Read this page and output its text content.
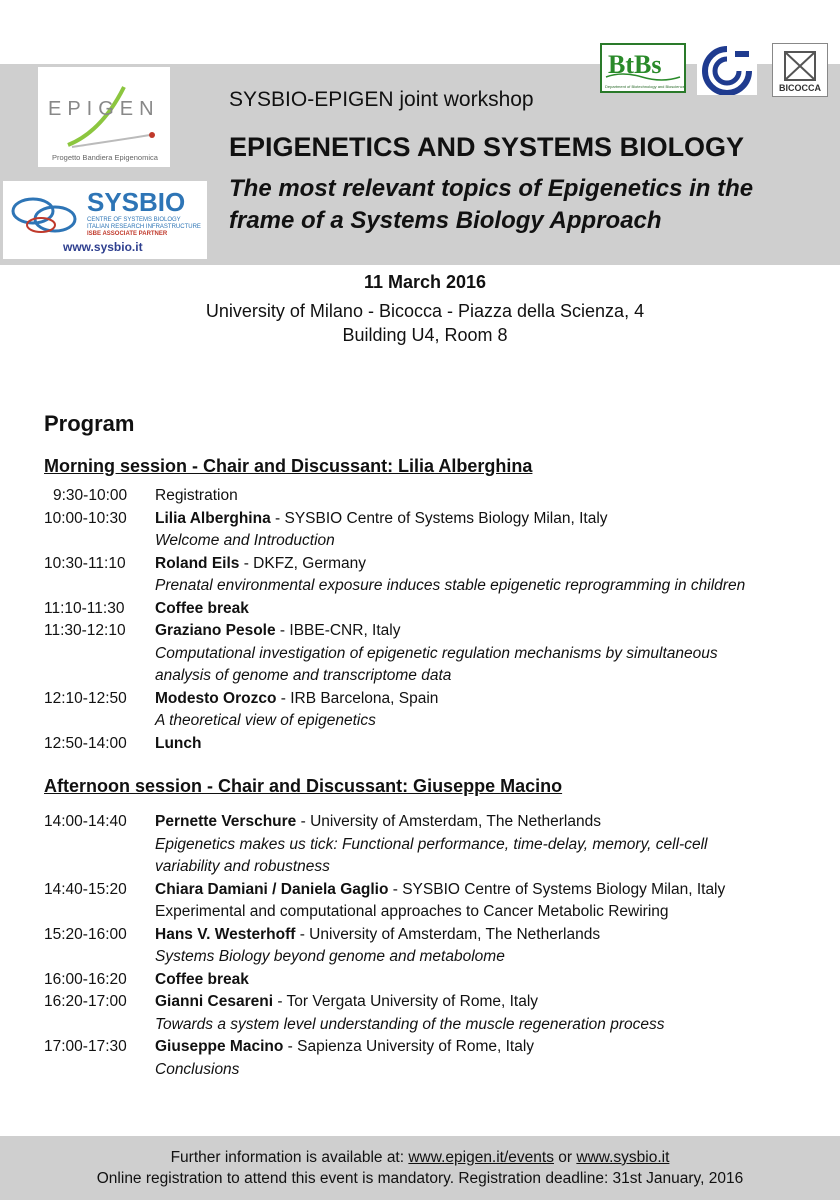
EPIGEN
Progetto Bandiera Epigenomica
SYSBIO
CENTRE OF SYSTEMS BIOLOGY
ITALIAN RESEARCH INFRASTRUCTURE
ISBE ASSOCIATE PARTNER
www.sysbio.it
BtBs
Department of Biotechnology and Biosciences	BICOCCA
SYSBIO-EPIGEN joint workshop
EPIGENETICS AND SYSTEMS BIOLOGY
The most relevant topics of Epigenetics in the
frame of a Systems Biology Approach
11 March 2016
University of Milano - Bicocca - Piazza della Scienza, 4
Building U4, Room 8
Program
Morning session - Chair and Discussant: Lilia Alberghina
9:30-10:00	Registration
10:00-10:30	Lilia Alberghina - SYSBIO Centre of Systems Biology Milan, Italy
Welcome and Introduction
10:30-11:10	Roland Eils - DKFZ, Germany
Prenatal environmental exposure induces stable epigenetic reprogramming in children
11:10-11:30	Coffee break
11:30-12:10	Graziano Pesole - IBBE-CNR, Italy
Computational investigation of epigenetic regulation mechanisms by simultaneous
analysis of genome and transcriptome data
12:10-12:50	Modesto Orozco - IRB Barcelona, Spain
A theoretical view of epigenetics
12:50-14:00	Lunch
Afternoon session - Chair and Discussant: Giuseppe Macino
14:00-14:40	Pernette Verschure - University of Amsterdam, The Netherlands
Epigenetics makes us tick: Functional performance, time-delay, memory, cell-cell
variability and robustness
14:40-15:20	Chiara Damiani / Daniela Gaglio - SYSBIO Centre of Systems Biology Milan, Italy
Experimental and computational approaches to Cancer Metabolic Rewiring
15:20-16:00	Hans V. Westerhoff - University of Amsterdam, The Netherlands
Systems Biology beyond genome and metabolome
16:00-16:20	Coffee break
16:20-17:00	Gianni Cesareni - Tor Vergata University of Rome, Italy
Towards a system level understanding of the muscle regeneration process
17:00-17:30	Giuseppe Macino - Sapienza University of Rome, Italy
Conclusions
Further information is available at: www.epigen.it/events or www.sysbio.it
Online registration to attend this event is mandatory. Registration deadline: 31st January, 2016
